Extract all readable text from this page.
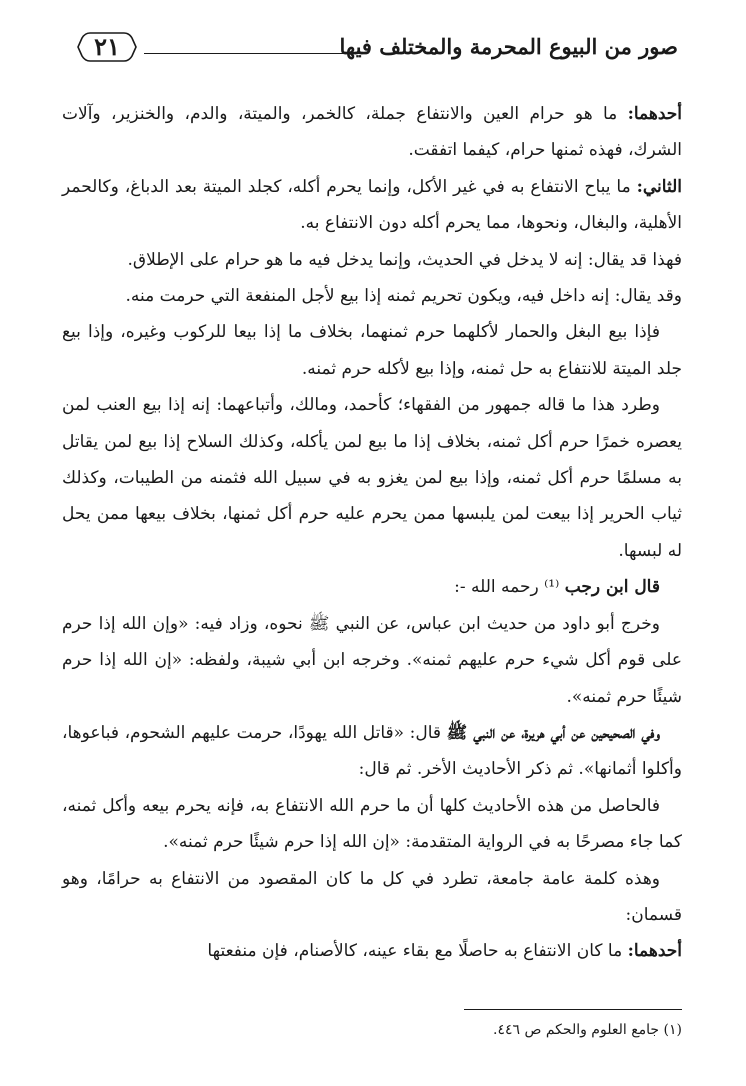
٢١	صور من البيوع المحرمة والمختلف فيها

أحدهما: ما هو حرام العين والانتفاع جملة، كالخمر، والميتة، والدم، والخنزير، وآلات الشرك، فهذه ثمنها حرام، كيفما اتفقت.

الثاني: ما يباح الانتفاع به في غير الأكل، وإنما يحرم أكله، كجلد الميتة بعد الدباغ، وكالحمر الأهلية، والبغال، ونحوها، مما يحرم أكله دون الانتفاع به.

فهذا قد يقال: إنه لا يدخل في الحديث، وإنما يدخل فيه ما هو حرام على الإطلاق.

وقد يقال: إنه داخل فيه، ويكون تحريم ثمنه إذا بيع لأجل المنفعة التي حرمت منه.

فإذا بيع البغل والحمار لأكلهما حرم ثمنهما، بخلاف ما إذا بيعا للركوب وغيره، وإذا بيع جلد الميتة للانتفاع به حل ثمنه، وإذا بيع لأكله حرم ثمنه.

وطرد هذا ما قاله جمهور من الفقهاء؛ كأحمد، ومالك، وأتباعهما: إنه إذا بيع العنب لمن يعصره خمرًا حرم أكل ثمنه، بخلاف إذا ما بيع لمن يأكله، وكذلك السلاح إذا بيع لمن يقاتل به مسلمًا حرم أكل ثمنه، وإذا بيع لمن يغزو به في سبيل الله فثمنه من الطيبات، وكذلك ثياب الحرير إذا بيعت لمن يلبسها ممن يحرم عليه حرم أكل ثمنها، بخلاف بيعها ممن يحل له لبسها.

قال ابن رجب ⁽¹⁾ رحمه الله -:

وخرج أبو داود من حديث ابن عباس، عن النبي ﷺ نحوه، وزاد فيه: «وإن الله إذا حرم على قوم أكل شيء حرم عليهم ثمنه». وخرجه ابن أبي شيبة، ولفظه: «إن الله إذا حرم شيئًا حرم ثمنه».

وفي الصحيحين عن أبي هريرة، عن النبي ﷺ قال: «قاتل الله يهودًا، حرمت عليهم الشحوم، فباعوها، وأكلوا أثمانها». ثم ذكر الأحاديث الأخر. ثم قال:

فالحاصل من هذه الأحاديث كلها أن ما حرم الله الانتفاع به، فإنه يحرم بيعه وأكل ثمنه، كما جاء مصرحًا به في الرواية المتقدمة: «إن الله إذا حرم شيئًا حرم ثمنه».

وهذه كلمة عامة جامعة، تطرد في كل ما كان المقصود من الانتفاع به حرامًا، وهو قسمان:

أحدهما: ما كان الانتفاع به حاصلًا مع بقاء عينه، كالأصنام، فإن منفعتها

(١) جامع العلوم والحكم ص ٤٤٦.
